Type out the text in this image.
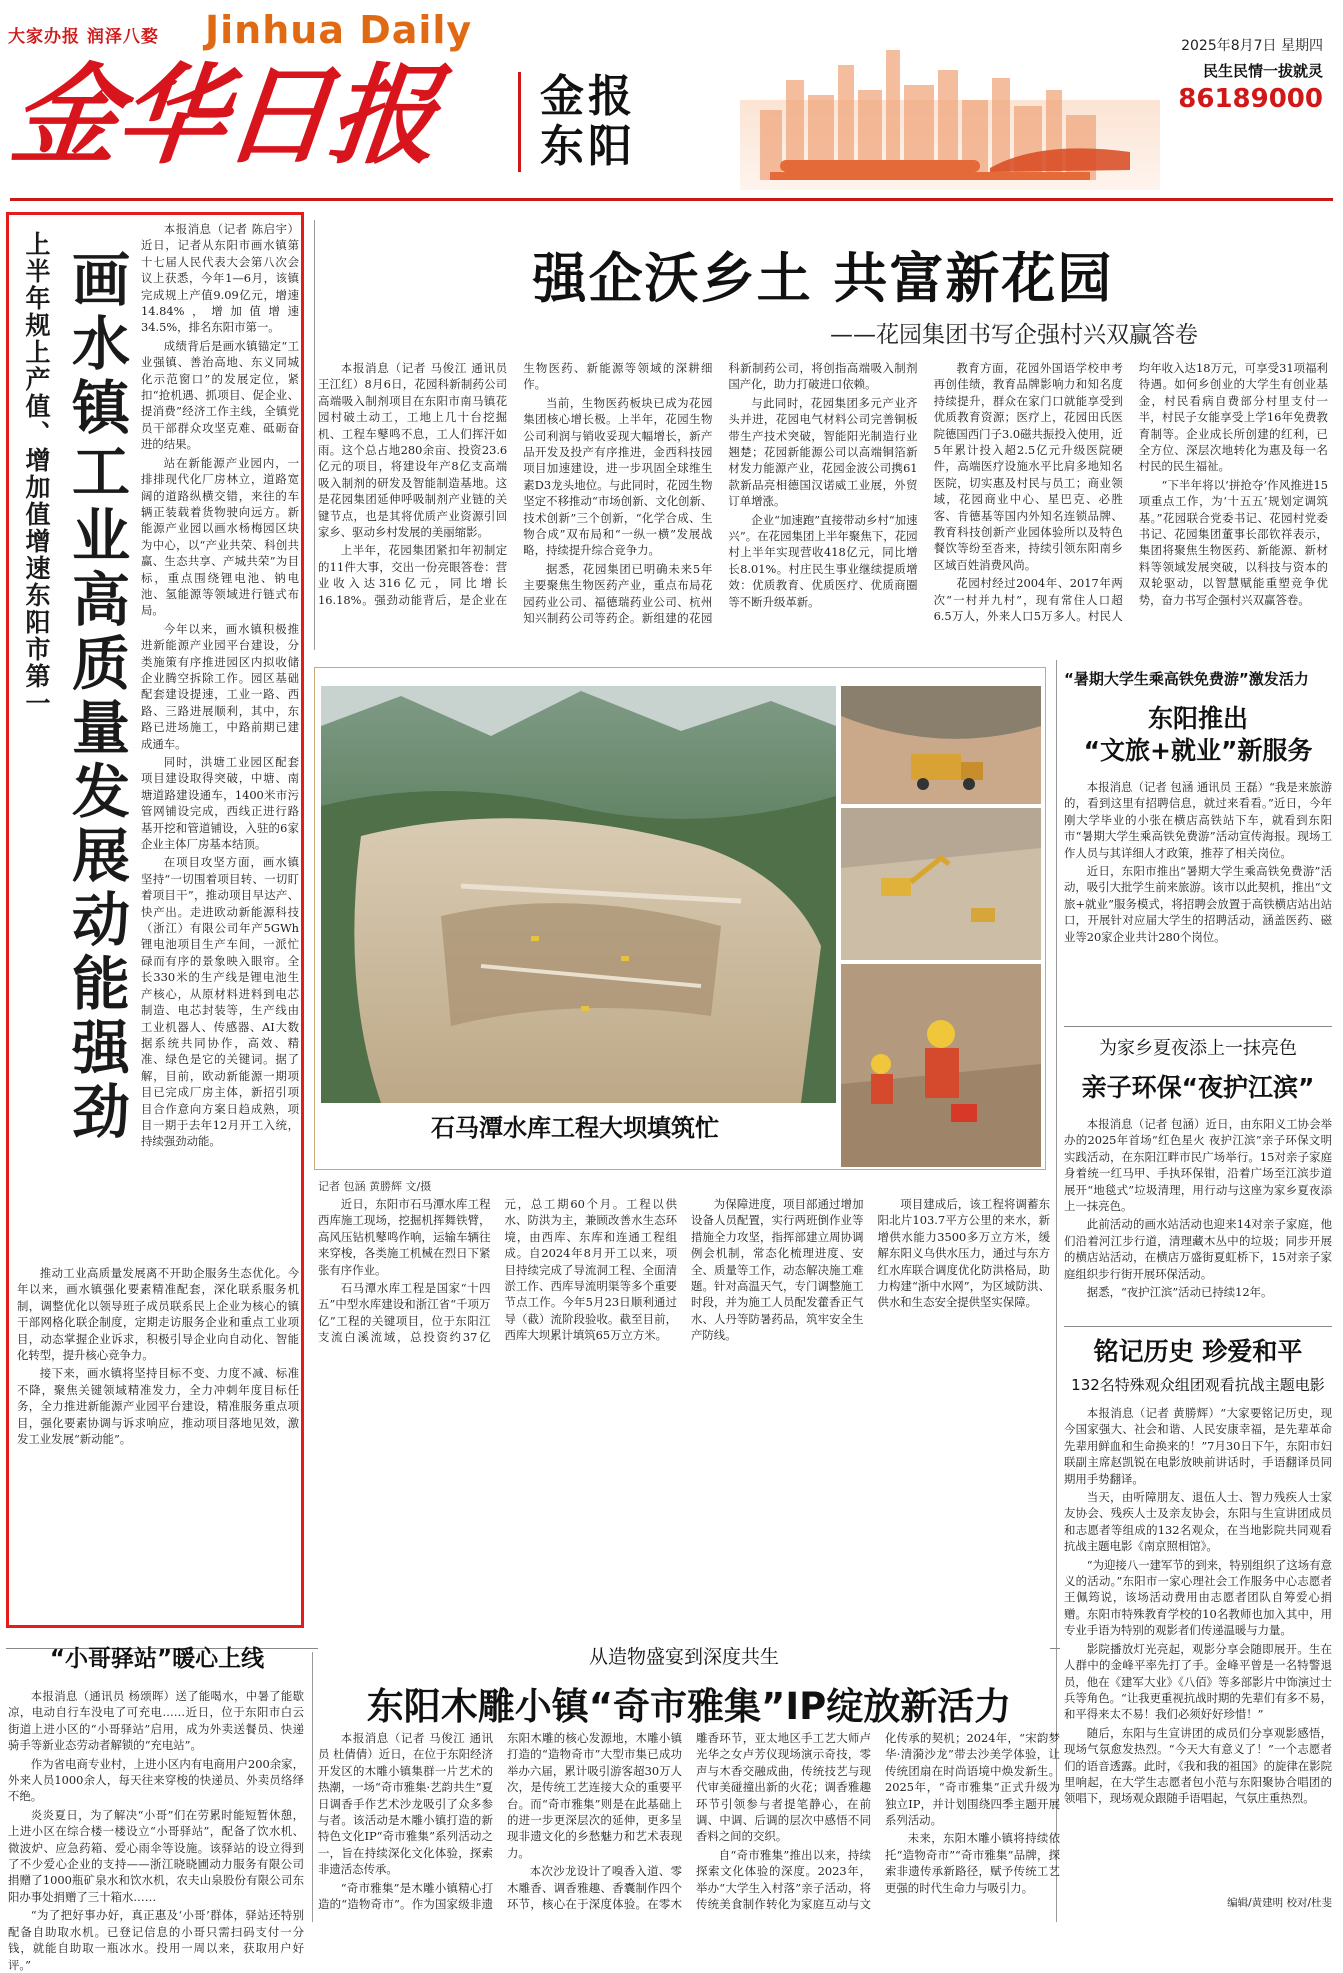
大家办报 润泽八婺 Jinhua Daily
金华日报 金报
东阳
2025年8月7日 星期四
民生民情一拔就灵
86189000
上半年规上产值、增加值增速东阳市第一 画水镇工业高质量发展动能强劲

本报消息（记者 陈启宇）近日，记者从东阳市画水镇第十七届人民代表大会第八次会议上获悉，今年1—6月，该镇完成规上产值9.09亿元，增速14.84%，增加值增速34.5%，排名东阳市第一。

成绩背后是画水镇锚定“工业强镇、善治高地、东义同城化示范窗口”的发展定位，紧扣“抢机遇、抓项目、促企业、提消费”经济工作主线，全镇党员干部群众攻坚克难、砥砺奋进的结果。

站在新能源产业园内，一排排现代化厂房林立，道路宽阔的道路纵横交错，来往的车辆正装载着货物驶向远方。新能源产业园以画水杨梅园区块为中心，以“产业共荣、科创共赢、生态共享、产城共荣”为目标，重点围绕锂电池、钠电池、氢能源等领域进行链式布局。

今年以来，画水镇积极推进新能源产业园平台建设，分类施策有序推进园区内拟收储企业腾空拆除工作。园区基础配套建设提速，工业一路、西路、三路进展顺利，其中，东路已进场施工，中路前期已建成通车。

同时，洪塘工业园区配套项目建设取得突破，中塘、南塘道路建设通车，1400米市污管网铺设完成，西线正进行路基开挖和管道铺设，入驻的6家企业主体厂房基本结顶。

在项目攻坚方面，画水镇坚持“一切围着项目转、一切盯着项目干”，推动项目早达产、快产出。走进欧动新能源科技（浙江）有限公司年产5GWh锂电池项目生产车间，一派忙碌而有序的景象映入眼帘。全长330米的生产线是锂电池生产核心，从原材料进料到电芯制造、电芯封装等，生产线由工业机器人、传感器、AI大数据系统共同协作，高效、精准、绿色是它的关键词。据了解，目前，欧动新能源一期项目已完成厂房主体，新招引项目合作意向方案日趋成熟，项目一期于去年12月开工入统，持续强劲动能。

推动工业高质量发展离不开助企服务生态优化。今年以来，画水镇强化要素精准配套，深化联系服务机制，调整优化以领导班子成员联系民上企业为核心的镇干部网格化联企制度，定期走访服务企业和重点工业项目，动态掌握企业诉求，积极引导企业向自动化、智能化转型，提升核心竞争力。

接下来，画水镇将坚持目标不变、力度不减、标准不降，聚焦关键领域精准发力，全力冲刺年度目标任务，全力推进新能源产业园平台建设，精准服务重点项目，强化要素协调与诉求响应，推动项目落地见效，激发工业发展“新动能”。

强企沃乡土 共富新花园
——花园集团书写企强村兴双赢答卷

本报消息（记者 马俊江 通讯员 王江红）8月6日，花园科新制药公司高端吸入制剂项目在东阳市南马镇花园村破土动工，工地上几十台挖掘机、工程车鼕鸣不息，工人们挥汗如雨。这个总占地280余亩、投资23.6亿元的项目，将建设年产8亿支高端吸入制剂的研发及智能制造基地。这是花园集团延伸呼吸制剂产业链的关键节点，也是其将优质产业资源引回家乡、驱动乡村发展的美丽缩影。

上半年，花园集团紧扣年初制定的11件大事，交出一份亮眼答卷：营业收入达316亿元，同比增长16.18%。强劲动能背后，是企业在生物医药、新能源等领域的深耕细作。

当前，生物医药板块已成为花园集团核心增长极。上半年，花园生物公司利润与销收妥现大幅增长，新产品开发及投产有序推进，金西科技园项目加速建设，进一步巩固全球维生素D3龙头地位。与此同时，花园生物坚定不移推动“市场创新、文化创新、技术创新”三个创新，“化学合成、生物合成”双布局和“一纵一横”发展战略，持续提升综合竞争力。

据悉，花园集团已明确未来5年主要聚焦生物医药产业，重点布局花园药业公司、福德瑞药业公司、杭州知兴制药公司等药企。新组建的花园科新制药公司，将创指高端吸入制剂国产化，助力打破进口依赖。

与此同时，花园集团多元产业齐头并进，花园电气材料公司完善铜板带生产技术突破，智能阳光制造行业翘楚；花园新能源公司以高端铜箔新材发力能源产业，花园金波公司携61款新品亮相德国汉诺威工业展，外贸订单增涨。

企业“加速跑”直接带动乡村“加速兴”。在花园集团上半年聚焦下，花园村上半年实现营收418亿元，同比增长8.01%。村庄民生事业继续提质增效：优质教育、优质医疗、优质商圈等不断升级革新。

教育方面，花园外国语学校申考再创佳绩，教育品牌影响力和知名度持续提升，群众在家门口就能享受到优质教育资源；医疗上，花园田氏医院德国西门子3.0磁共振投入使用，近5年累计投入超2.5亿元升级医院硬件，高端医疗设施水平比肩多地知名医院，切实惠及村民与员工；商业领域，花园商业中心、星巴克、必胜客、肯德基等国内外知名连锁品牌、教育科技创新产业园体验所以及特色餐饮等纷至沓来，持续引领东阳南乡区域百姓消费风尚。

花园村经过2004年、2017年两次“一村并九村”，现有常住人口超6.5万人，外来人口5万多人。村民人均年收入达18万元，可享受31项福利待遇。如何乡创业的大学生有创业基金，村民看病自费部分村里支付一半，村民子女能享受上学16年免费教育制等。企业成长所创建的红利，已全方位、深层次地转化为惠及每一名村民的民生福祉。

“下半年将以‘拼抢夺’作风推进15项重点工作，为‘十五五’规划定调筑基。”花园联合党委书记、花园村党委书记、花园集团董事长邵钦祥表示，集团将聚焦生物医药、新能源、新材料等领域发展突破，以科技与资本的双轮驱动，以智慧赋能重塑竞争优势，奋力书写企强村兴双赢答卷。

石马潭水库工程大坝填筑忙
记者 包涵 黄勝辉 文/摄

近日，东阳市石马潭水库工程西库施工现场，挖掘机挥舞铁臂，高风压钻机鼕鸣作响，运输车辆往来穿梭，各类施工机械在烈日下紧张有序作业。

石马潭水库工程是国家“十四五”中型水库建设和浙江省“千项万亿”工程的关键项目，位于东阳江支流白溪流域，总投资约37亿元，总工期60个月。工程以供水、防洪为主，兼顾改善水生态环境，由西库、东库和连通工程组成。自2024年8月开工以来，项目持续完成了导流洞工程、全面清淤工作、西库导流明渠等多个重要节点工作。今年5月23日顺利通过导（截）流阶段验收。截至目前，西库大坝累计填筑65万立方米。

为保障进度，项目部通过增加设备人员配置，实行两班倒作业等措施全力攻坚，指挥部建立周协调例会机制，常态化梳理进度、安全、质量等工作，动态解决施工难题。针对高温天气，专门调整施工时段，并为施工人员配发藿香正气水、人丹等防暑药品，筑牢安全生产防线。

项目建成后，该工程将调蓄东阳北片103.7平方公里的来水，新增供水能力3500多万立方米，缓解东阳义乌供水压力，通过与东方红水库联合调度优化防洪格局，助力构建“浙中水网”，为区域防洪、供水和生态安全提供坚实保障。

“暑期大学生乘高铁免费游”激发活力
东阳推出
“文旅+就业”新服务

本报消息（记者 包涵 通讯员 王磊）“我是来旅游的，看到这里有招聘信息，就过来看看。”近日，今年刚大学毕业的小张在横店高铁站下车，就看到东阳市“暑期大学生乘高铁免费游”活动宣传海报。现场工作人员与其详细人才政策，推荐了相关岗位。

近日，东阳市推出“暑期大学生乘高铁免费游”活动，吸引大批学生前来旅游。该市以此契机，推出“文旅+就业”服务模式，将招聘会放置于高铁横店站出站口，开展针对应届大学生的招聘活动，涵盖医药、磁业等20家企业共计280个岗位。

为家乡夏夜添上一抹亮色
亲子环保“夜护江滨”

本报消息（记者 包涵）近日，由东阳义工协会举办的2025年首场“红色星火 夜护江滨”亲子环保文明实践活动，在东阳江畔市民广场举行。15对亲子家庭身着统一红马甲、手执环保钳，沿着广场至江滨步道展开“地毯式”垃圾清理，用行动与这座为家乡夏夜添上一抹亮色。

此前活动的画水站活动也迎来14对亲子家庭，他们沿着河江步行道，清理藏木丛中的垃圾；同步开展的横店站活动，在横店万盛街夏虹桥下，15对亲子家庭组织步行街开展环保活动。

据悉，“夜护江滨”活动已持续12年。

铭记历史 珍爱和平
132名特殊观众组团观看抗战主题电影

本报消息（记者 黄勝辉）“大家要铭记历史，现今国家强大、社会和谐、人民安康幸福，是先辈革命先辈用鲜血和生命换来的！”7月30日下午，东阳市妇联副主席赵凯锐在电影放映前讲话时，手语翻译员同期用手势翻译。

当天，由听障朋友、退伍人士、智力残疾人士家友协会、残疾人士及亲友协会，东阳与生宣讲团成员和志愿者等组成的132名观众，在当地影院共同观看抗战主题电影《南京照相馆》。

“为迎接八一建军节的到来，特别组织了这场有意义的活动。”东阳市一家心理社会工作服务中心志愿者王佩筠说，该场活动费用由志愿者团队自筹爱心捐赠。东阳市特殊教育学校的10名教师也加入其中，用专业手语为特别的观影者们传递温暖与力量。

影院播放灯光亮起，观影分享会随即展开。生在人群中的金峰平率先打了手。金峰平曾是一名特警退员，他在《建军大业》《八佰》等多部影片中饰演过士兵等角色。“让我更重视抗战时期的先辈们有多不易，和平得来太不易！我们必须好好珍惜！”

随后，东阳与生宣讲团的成员们分享观影感悟，现场气氛愈发热烈。“今天大有意义了！”一个志愿者们的语音透露。此时，《我和我的祖国》的旋律在影院里响起，在大学生志愿者包小范与东阳聚协合唱团的领唱下，现场观众跟随手语唱起，气氛庄重热烈。

编辑/黄建明 校对/杜斐
从造物盛宴到深度共生
东阳木雕小镇“奇市雅集”IP绽放新活力

本报消息（记者 马俊江 通讯员 杜倩倩）近日，在位于东阳经济开发区的木雕小镇集群一片艺术的热潮，一场“奇市雅集·艺韵共生”夏日调香手作艺术沙龙吸引了众多参与者。该活动是木雕小镇打造的新特色文化IP“奇市雅集”系列活动之一，旨在持续深化文化体验，探索非遗活态传承。

“奇市雅集”是木雕小镇精心打造的“造物奇市”。作为国家级非遗东阳木雕的核心发源地，木雕小镇打造的“造物奇市”大型市集已成功举办六届，累计吸引游客超30万人次，是传统工艺连接大众的重要平台。而“奇市雅集”则是在此基础上的进一步更深层次的延伸，更多呈现非遗文化的乡愁魅力和艺术表现力。

本次沙龙设计了嗅香入道、零木雕香、调香雅趣、香囊制作四个环节，核心在于深度体验。在零木雕香环节，亚太地区手工艺大师卢光华之女卢芳仪现场演示奇技，零声与木香交融成曲，传统技艺与现代审美碰撞出新的火花；调香雅趣环节引领参与者提笔静心，在前调、中调、后调的层次中感悟不同香料之间的交织。

自“奇市雅集”推出以来，持续探索文化体验的深度。2023年，举办“大学生入村落”亲子活动，将传统美食制作转化为家庭互动与文化传承的契机；2024年，“宋韵梦华·清漪沙龙”带去沙美学体验，让传统团扇在时尚语境中焕发新生。2025年，“奇市雅集”正式升级为独立IP，并计划围绕四季主题开展系列活动。

未来，东阳木雕小镇将持续依托“造物奇市”“奇市雅集”品牌，探索非遗传承新路径，赋予传统工艺更强的时代生命力与吸引力。

“小哥驿站”暖心上线

本报消息（通讯员 杨颂晖）送了能喝水，中暑了能歇凉，电动自行车没电了可充电……近日，位于东阳市白云街道上进小区的“小哥驿站”启用，成为外卖送餐员、快递骑手等新业态劳动者解锁的“充电站”。

作为省电商专业村，上进小区内有电商用户200余家，外来人员1000余人，每天往来穿梭的快递员、外卖员络绎不绝。

炎炎夏日，为了解决“小哥”们在劳累时能短暂休憩，上进小区在综合楼一楼设立“小哥驿站”，配备了饮水机、微波炉、应急药箱、爱心雨伞等设施。该驿站的设立得到了不少爱心企业的支持——浙江晓晓圃动力服务有限公司捐赠了1000瓶矿泉水和饮水机，农夫山泉股份有限公司东阳办事处捐赠了三十箱水……

“为了把好事办好，真正惠及‘小哥’群体，驿站还特别配备自助取水机。已登记信息的小哥只需扫码支付一分钱，就能自助取一瓶冰水。投用一周以来，获取用户好评。”
